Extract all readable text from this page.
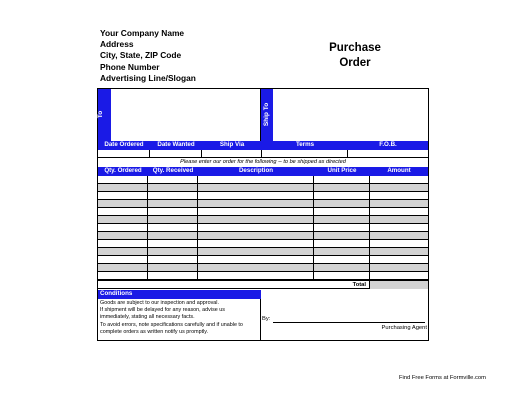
Your Company Name
Address
City, State, ZIP Code
Phone Number
Advertising Line/Slogan
Purchase
Order
To	Ship To
Date Ordered	Date Wanted	Ship Via	Terms	F.O.B.
Please enter our order for the following -- to be shipped as directed
Qty. Ordered	Qty. Received	Description	Unit Price	Amount
Total
Conditions
Goods are subject to our inspection and approval.
If shipment will be delayed for any reason, advise us
immediately, stating all necessary facts.
To avoid errors, note specifications carefully and if unable to
complete orders as written notify us promptly.
By:
Purchasing Agent
Find Free Forms at Formville.com
